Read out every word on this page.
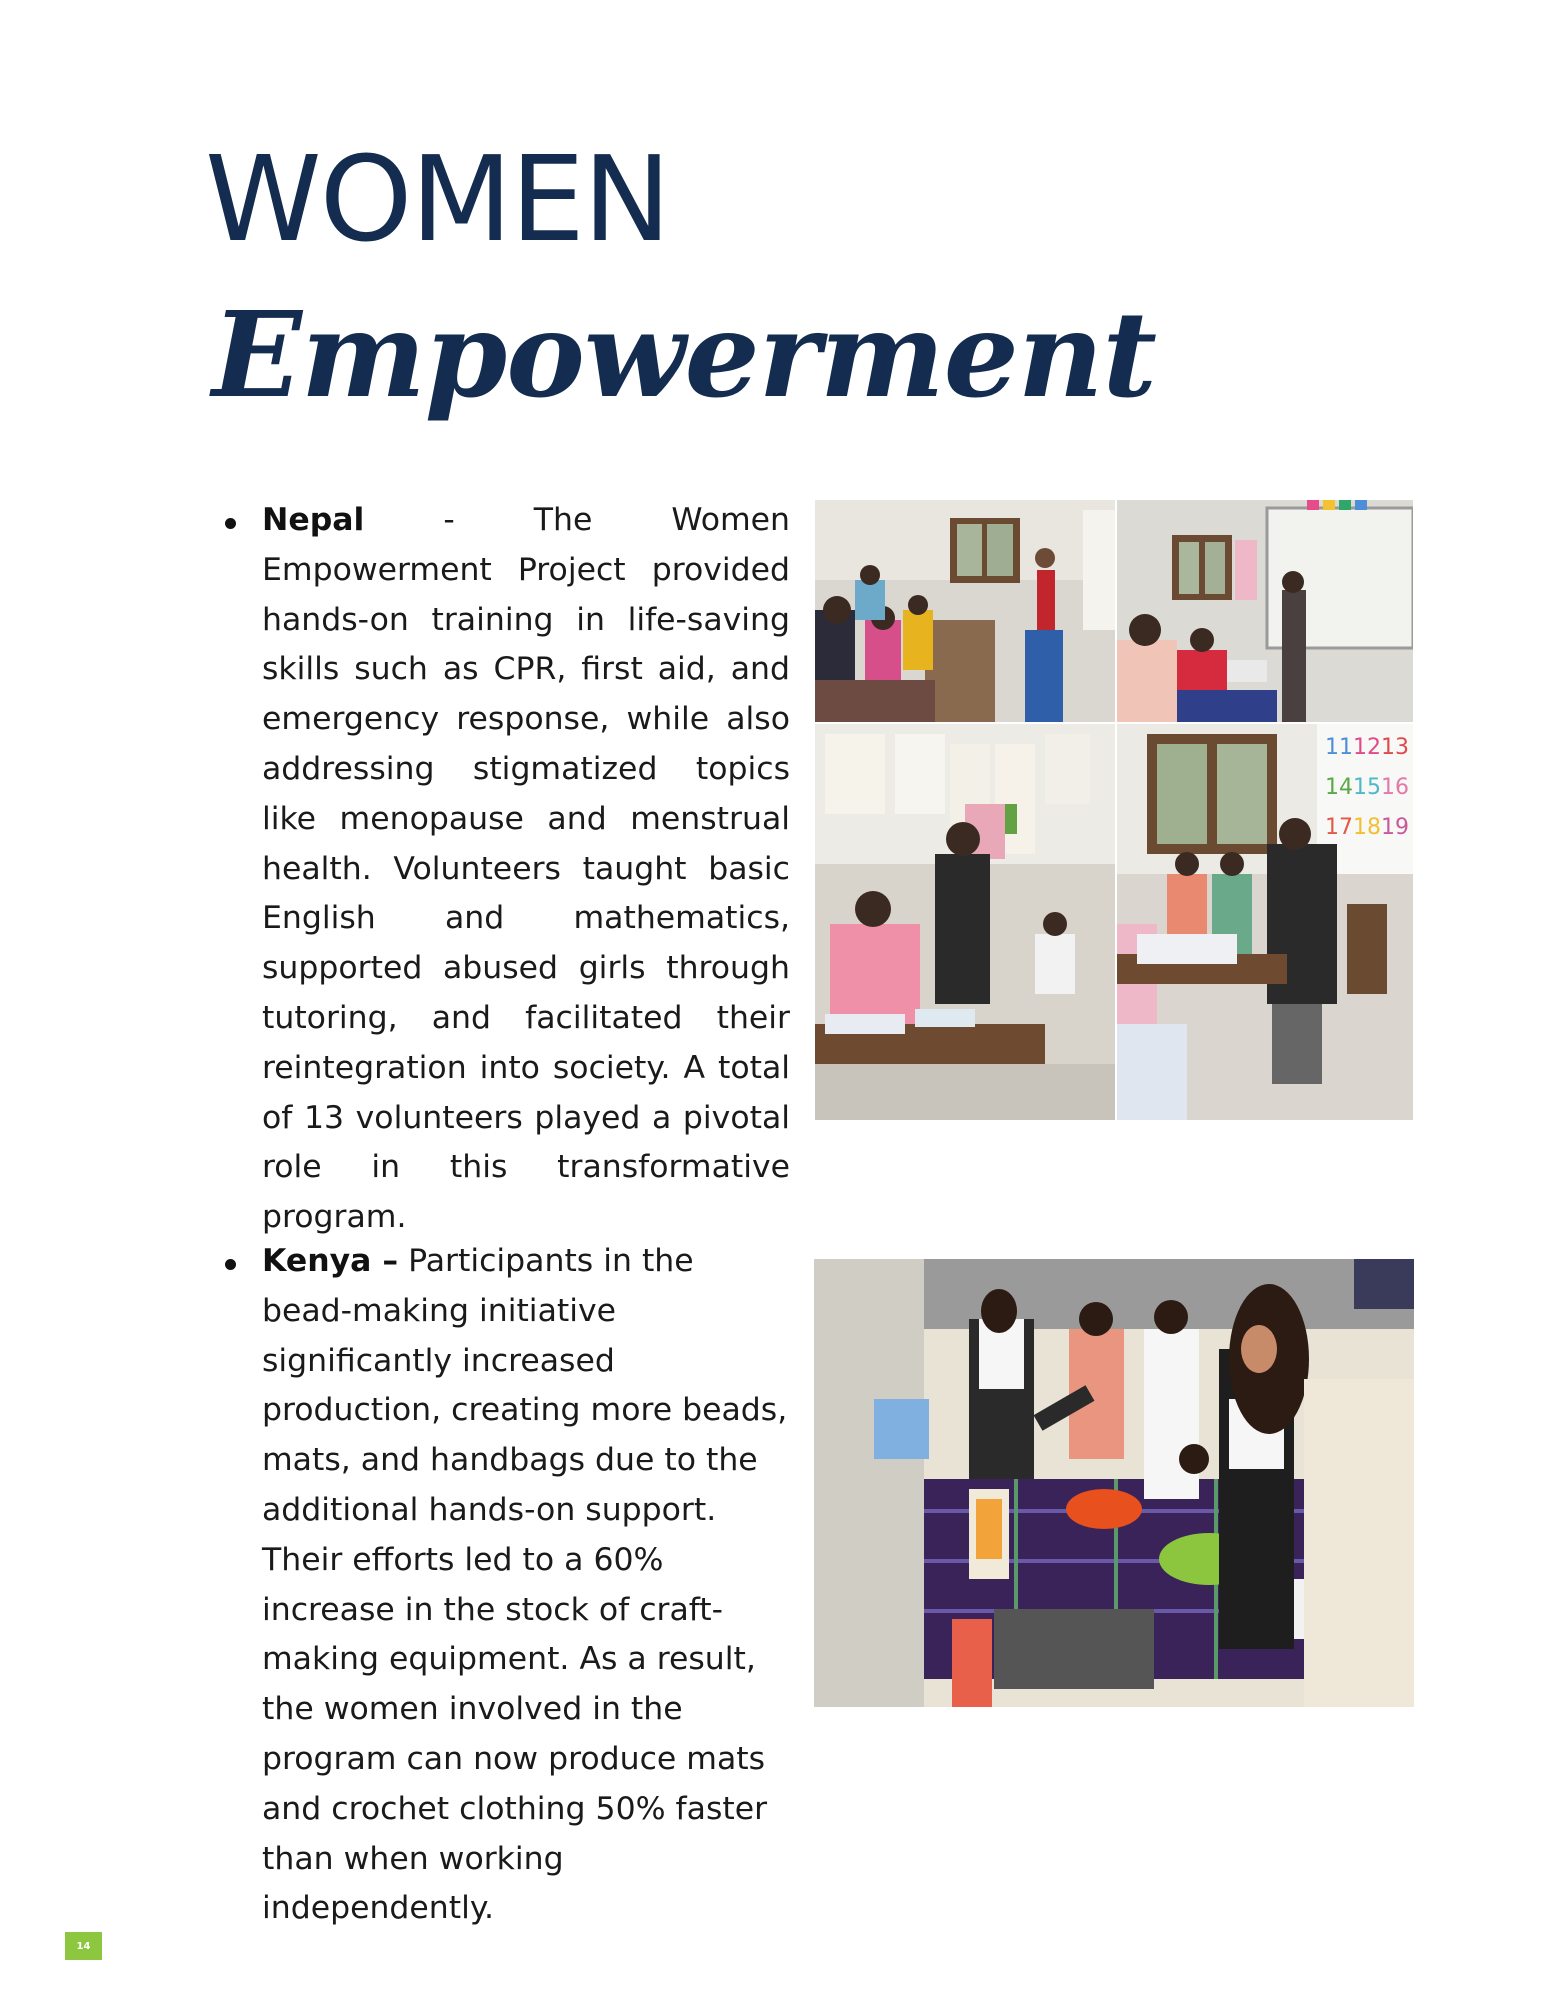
WOMEN
Empowerment

Nepal - The Women Empowerment Project provided hands-on training in life-saving skills such as CPR, first aid, and emergency response, while also addressing stigmatized topics like menopause and menstrual health. Volunteers taught basic English and mathematics, supported abused girls through tutoring, and facilitated their reintegration into society. A total of 13 volunteers played a pivotal role in this transformative program.

11 12 13
14 15 16
17 18 19

Kenya – Participants in the bead-making initiative significantly increased production, creating more beads, mats, and handbags due to the additional hands-on support. Their efforts led to a 60% increase in the stock of craft-making equipment. As a result, the women involved in the program can now produce mats and crochet clothing 50% faster than when working independently.

14
